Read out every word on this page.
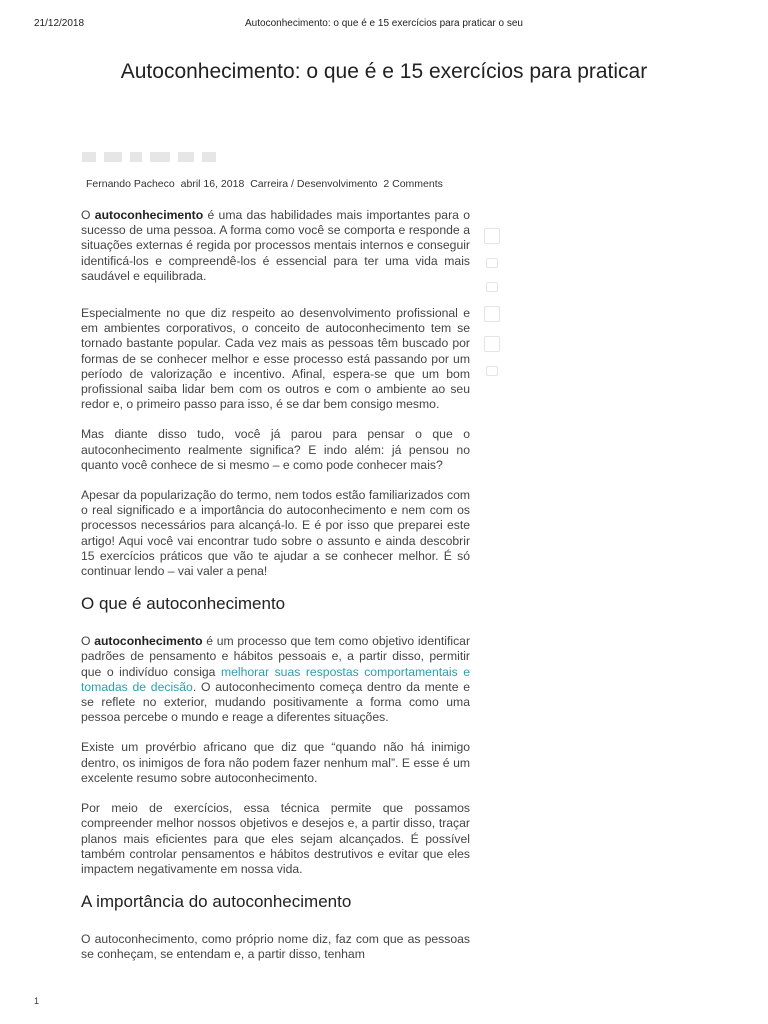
21/12/2018	Autoconhecimento: o que é e 15 exercícios para praticar o seu
Autoconhecimento: o que é e 15 exercícios para praticar
Fernando Pacheco abril 16, 2018 Carreira / Desenvolvimento 2 Comments

O autoconhecimento é uma das habilidades mais importantes para o sucesso de uma pessoa. A forma como você se comporta e responde a situações externas é regida por processos mentais internos e conseguir identificá-los e compreendê-los é essencial para ter uma vida mais saudável e equilibrada.

Especialmente no que diz respeito ao desenvolvimento profissional e em ambientes corporativos, o conceito de autoconhecimento tem se tornado bastante popular. Cada vez mais as pessoas têm buscado por formas de se conhecer melhor e esse processo está passando por um período de valorização e incentivo. Afinal, espera-se que um bom profissional saiba lidar bem com os outros e com o ambiente ao seu redor e, o primeiro passo para isso, é se dar bem consigo mesmo.

Mas diante disso tudo, você já parou para pensar o que o autoconhecimento realmente significa? E indo além: já pensou no quanto você conhece de si mesmo – e como pode conhecer mais?

Apesar da popularização do termo, nem todos estão familiarizados com o real significado e a importância do autoconhecimento e nem com os processos necessários para alcançá-lo. E é por isso que preparei este artigo! Aqui você vai encontrar tudo sobre o assunto e ainda descobrir 15 exercícios práticos que vão te ajudar a se conhecer melhor. É só continuar lendo – vai valer a pena!

O que é autoconhecimento

O autoconhecimento é um processo que tem como objetivo identificar padrões de pensamento e hábitos pessoais e, a partir disso, permitir que o indivíduo consiga melhorar suas respostas comportamentais e tomadas de decisão. O autoconhecimento começa dentro da mente e se reflete no exterior, mudando positivamente a forma como uma pessoa percebe o mundo e reage a diferentes situações.

Existe um provérbio africano que diz que “quando não há inimigo dentro, os inimigos de fora não podem fazer nenhum mal”. E esse é um excelente resumo sobre autoconhecimento.

Por meio de exercícios, essa técnica permite que possamos compreender melhor nossos objetivos e desejos e, a partir disso, traçar planos mais eficientes para que eles sejam alcançados. É possível também controlar pensamentos e hábitos destrutivos e evitar que eles impactem negativamente em nossa vida.

A importância do autoconhecimento

O autoconhecimento, como próprio nome diz, faz com que as pessoas se conheçam, se entendam e, a partir disso, tenham

1
